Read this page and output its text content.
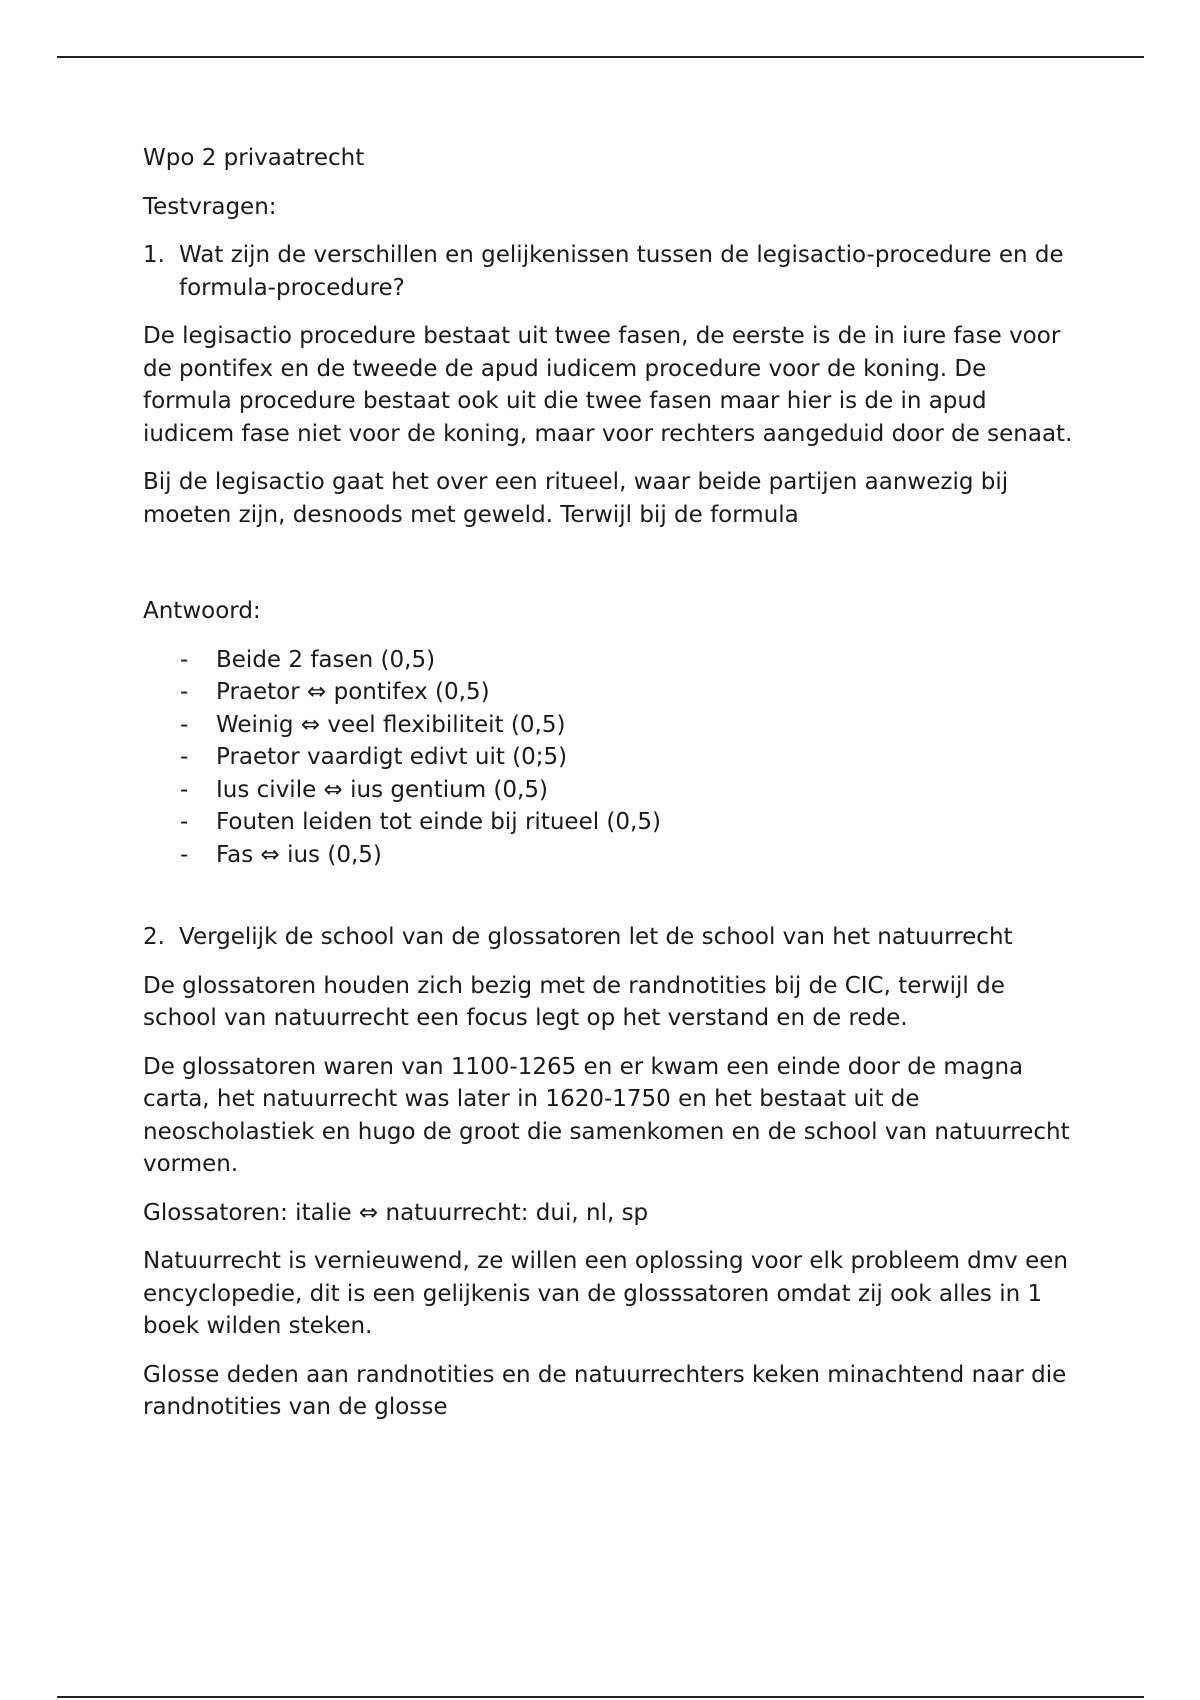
Wpo 2 privaatrecht

Testvragen:

1. Wat zijn de verschillen en gelijkenissen tussen de legisactio-procedure en de formula-procedure?

De legisactio procedure bestaat uit twee fasen, de eerste is de in iure fase voor de pontifex en de tweede de apud iudicem procedure voor de koning. De formula procedure bestaat ook uit die twee fasen maar hier is de in apud iudicem fase niet voor de koning, maar voor rechters aangeduid door de senaat.

Bij de legisactio gaat het over een ritueel, waar beide partijen aanwezig bij moeten zijn, desnoods met geweld. Terwijl bij de formula

Antwoord:

-	Beide 2 fasen (0,5)
-	Praetor ⇔ pontifex (0,5)
-	Weinig ⇔ veel flexibiliteit (0,5)
-	Praetor vaardigt edivt uit (0;5)
-	Ius civile ⇔ ius gentium (0,5)
-	Fouten leiden tot einde bij ritueel (0,5)
-	Fas ⇔ ius (0,5)
2. Vergelijk de school van de glossatoren let de school van het natuurrecht

De glossatoren houden zich bezig met de randnotities bij de CIC, terwijl de school van natuurrecht een focus legt op het verstand en de rede.

De glossatoren waren van 1100-1265 en er kwam een einde door de magna carta, het natuurrecht was later in 1620-1750 en het bestaat uit de neoscholastiek en hugo de groot die samenkomen en de school van natuurrecht vormen.

Glossatoren: italie ⇔ natuurrecht: dui, nl, sp

Natuurrecht is vernieuwend, ze willen een oplossing voor elk probleem dmv een encyclopedie, dit is een gelijkenis van de glosssatoren omdat zij ook alles in 1 boek wilden steken.

Glosse deden aan randnotities en de natuurrechters keken minachtend naar die randnotities van de glosse
